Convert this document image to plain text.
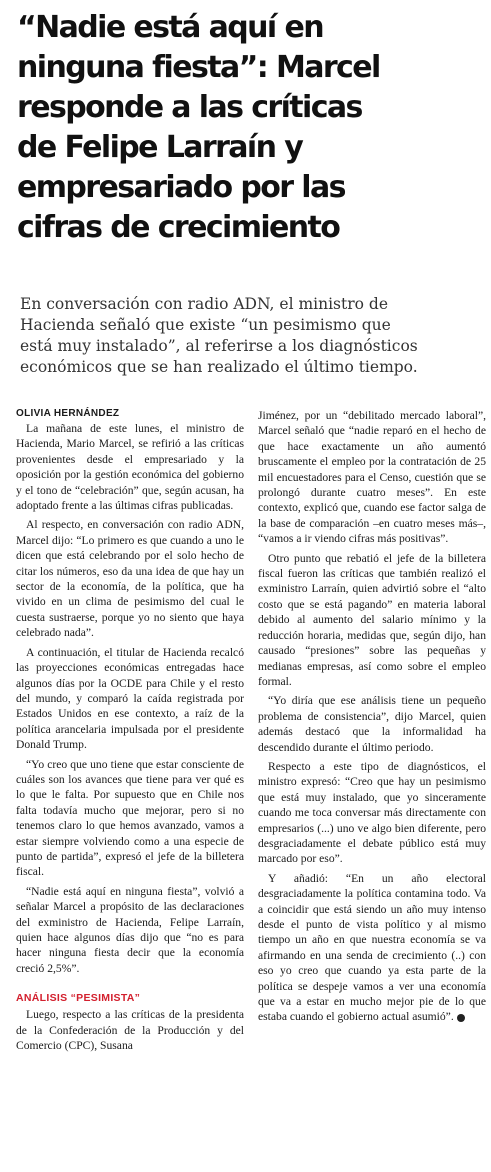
“Nadie está aquí en
ninguna fiesta”: Marcel
responde a las críticas
de Felipe Larraín y
empresariado por las
cifras de crecimiento
En conversación con radio ADN, el ministro de
Hacienda señaló que existe “un pesimismo que
está muy instalado”, al referirse a los diagnósticos
económicos que se han realizado el último tiempo.
OLIVIA HERNÁNDEZ

La mañana de este lunes, el ministro de Hacienda, Mario Marcel, se refirió a las críticas provenientes desde el empresariado y la oposición por la gestión económica del gobierno y el tono de “celebración” que, según acusan, ha adoptado frente a las últimas cifras publicadas.

Al respecto, en conversación con radio ADN, Marcel dijo: “Lo primero es que cuando a uno le dicen que está celebrando por el solo hecho de citar los números, eso da una idea de que hay un sector de la economía, de la política, que ha vivido en un clima de pesimismo del cual le cuesta sustraerse, porque yo no siento que haya celebrado nada”.

A continuación, el titular de Hacienda recalcó las proyecciones económicas entregadas hace algunos días por la OCDE para Chile y el resto del mundo, y comparó la caída registrada por Estados Unidos en ese contexto, a raíz de la política arancelaria impulsada por el presidente Donald Trump.

“Yo creo que uno tiene que estar consciente de cuáles son los avances que tiene para ver qué es lo que le falta. Por supuesto que en Chile nos falta todavía mucho que mejorar, pero si no tenemos claro lo que hemos avanzado, vamos a estar siempre volviendo como a una especie de punto de partida”, expresó el jefe de la billetera fiscal.

“Nadie está aquí en ninguna fiesta”, volvió a señalar Marcel a propósito de las declaraciones del exministro de Hacienda, Felipe Larraín, quien hace algunos días dijo que “no es para hacer ninguna fiesta decir que la economía creció 2,5%”.

ANÁLISIS “PESIMISTA”

Luego, respecto a las críticas de la presidenta de la Confederación de la Producción y del Comercio (CPC), Susana

Jiménez, por un “debilitado mercado laboral”, Marcel señaló que “nadie reparó en el hecho de que hace exactamente un año aumentó bruscamente el empleo por la contratación de 25 mil encuestadores para el Censo, cuestión que se prolongó durante cuatro meses”. En este contexto, explicó que, cuando ese factor salga de la base de comparación –en cuatro meses más–, “vamos a ir viendo cifras más positivas”.

Otro punto que rebatió el jefe de la billetera fiscal fueron las críticas que también realizó el exministro Larraín, quien advirtió sobre el “alto costo que se está pagando” en materia laboral debido al aumento del salario mínimo y la reducción horaria, medidas que, según dijo, han causado “presiones” sobre las pequeñas y medianas empresas, así como sobre el empleo formal.

“Yo diría que ese análisis tiene un pequeño problema de consistencia”, dijo Marcel, quien además destacó que la informalidad ha descendido durante el último periodo.

Respecto a este tipo de diagnósticos, el ministro expresó: “Creo que hay un pesimismo que está muy instalado, que yo sinceramente cuando me toca conversar más directamente con empresarios (...) uno ve algo bien diferente, pero desgraciadamente el debate público está muy marcado por eso”.

Y añadió: “En un año electoral desgraciadamente la política contamina todo. Va a coincidir que está siendo un año muy intenso desde el punto de vista político y al mismo tiempo un año en que nuestra economía se va afirmando en una senda de crecimiento (..) con eso yo creo que cuando ya esta parte de la política se despeje vamos a ver una economía que va a estar en mucho mejor pie de lo que estaba cuando el gobierno actual asumió”.
